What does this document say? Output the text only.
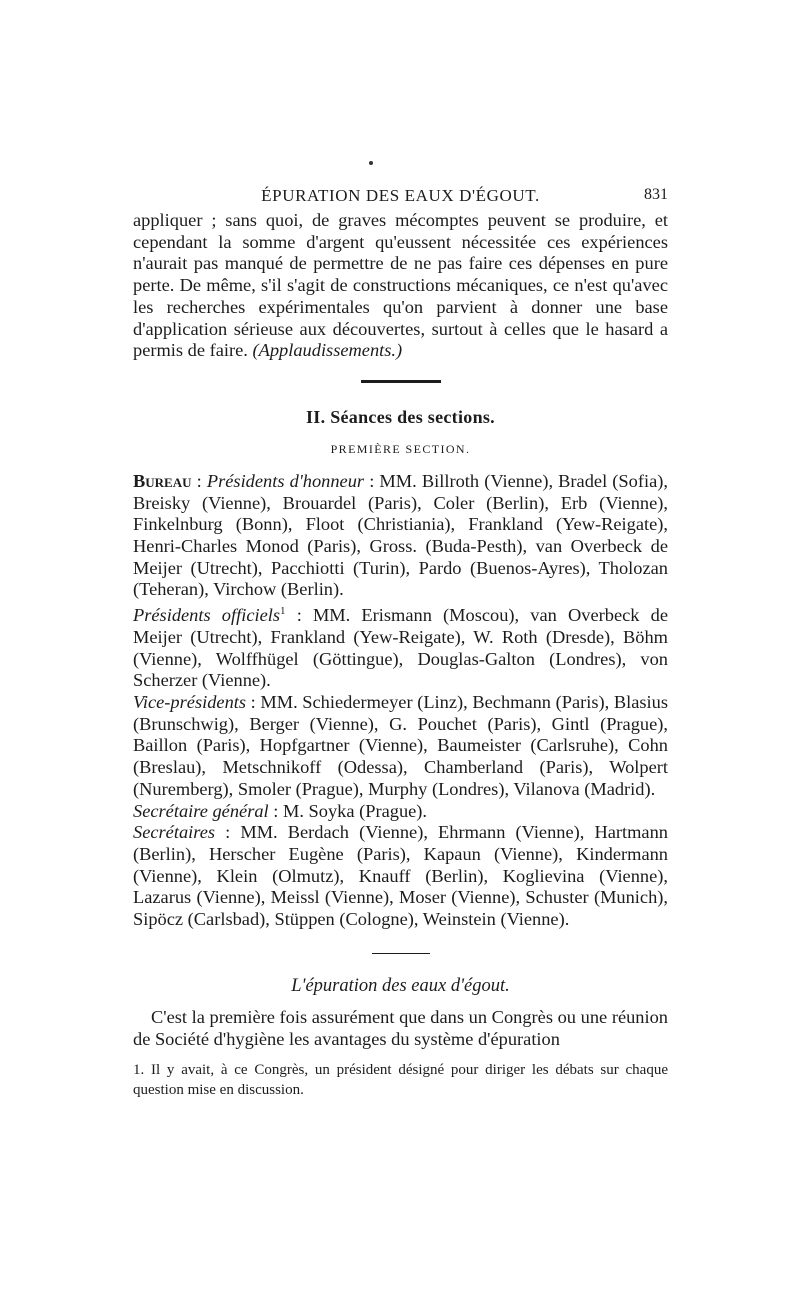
ÉPURATION DES EAUX D'ÉGOUT.	831

appliquer ; sans quoi, de graves mécomptes peuvent se produire, et cependant la somme d'argent qu'eussent nécessitée ces expériences n'aurait pas manqué de permettre de ne pas faire ces dépenses en pure perte. De même, s'il s'agit de constructions mécaniques, ce n'est qu'avec les recherches expérimentales qu'on parvient à donner une base d'application sérieuse aux découvertes, surtout à celles que le hasard a permis de faire. (Applaudissements.)

II. Séances des sections.

PREMIÈRE SECTION.

Bureau : Présidents d'honneur : MM. Billroth (Vienne), Bradel (Sofia), Breisky (Vienne), Brouardel (Paris), Coler (Berlin), Erb (Vienne), Finkelnburg (Bonn), Floot (Christiania), Frankland (Yew-Reigate), Henri-Charles Monod (Paris), Gross. (Buda-Pesth), van Overbeck de Meijer (Utrecht), Pacchiotti (Turin), Pardo (Buenos-Ayres), Tholozan (Teheran), Virchow (Berlin).

Présidents officiels$^1$ : MM. Erismann (Moscou), van Overbeck de Meijer (Utrecht), Frankland (Yew-Reigate), W. Roth (Dresde), Böhm (Vienne), Wolffhügel (Göttingue), Douglas-Galton (Londres), von Scherzer (Vienne).

Vice-présidents : MM. Schiedermeyer (Linz), Bechmann (Paris), Blasius (Brunschwig), Berger (Vienne), G. Pouchet (Paris), Gintl (Prague), Baillon (Paris), Hopfgartner (Vienne), Baumeister (Carlsruhe), Cohn (Breslau), Metschnikoff (Odessa), Chamberland (Paris), Wolpert (Nuremberg), Smoler (Prague), Murphy (Londres), Vilanova (Madrid).

Secrétaire général : M. Soyka (Prague).

Secrétaires : MM. Berdach (Vienne), Ehrmann (Vienne), Hartmann (Berlin), Herscher Eugène (Paris), Kapaun (Vienne), Kindermann (Vienne), Klein (Olmutz), Knauff (Berlin), Koglievina (Vienne), Lazarus (Vienne), Meissl (Vienne), Moser (Vienne), Schuster (Munich), Sipöcz (Carlsbad), Stüppen (Cologne), Weinstein (Vienne).

L'épuration des eaux d'égout.

C'est la première fois assurément que dans un Congrès ou une réunion de Société d'hygiène les avantages du système d'épuration

1. Il y avait, à ce Congrès, un président désigné pour diriger les débats sur chaque question mise en discussion.
